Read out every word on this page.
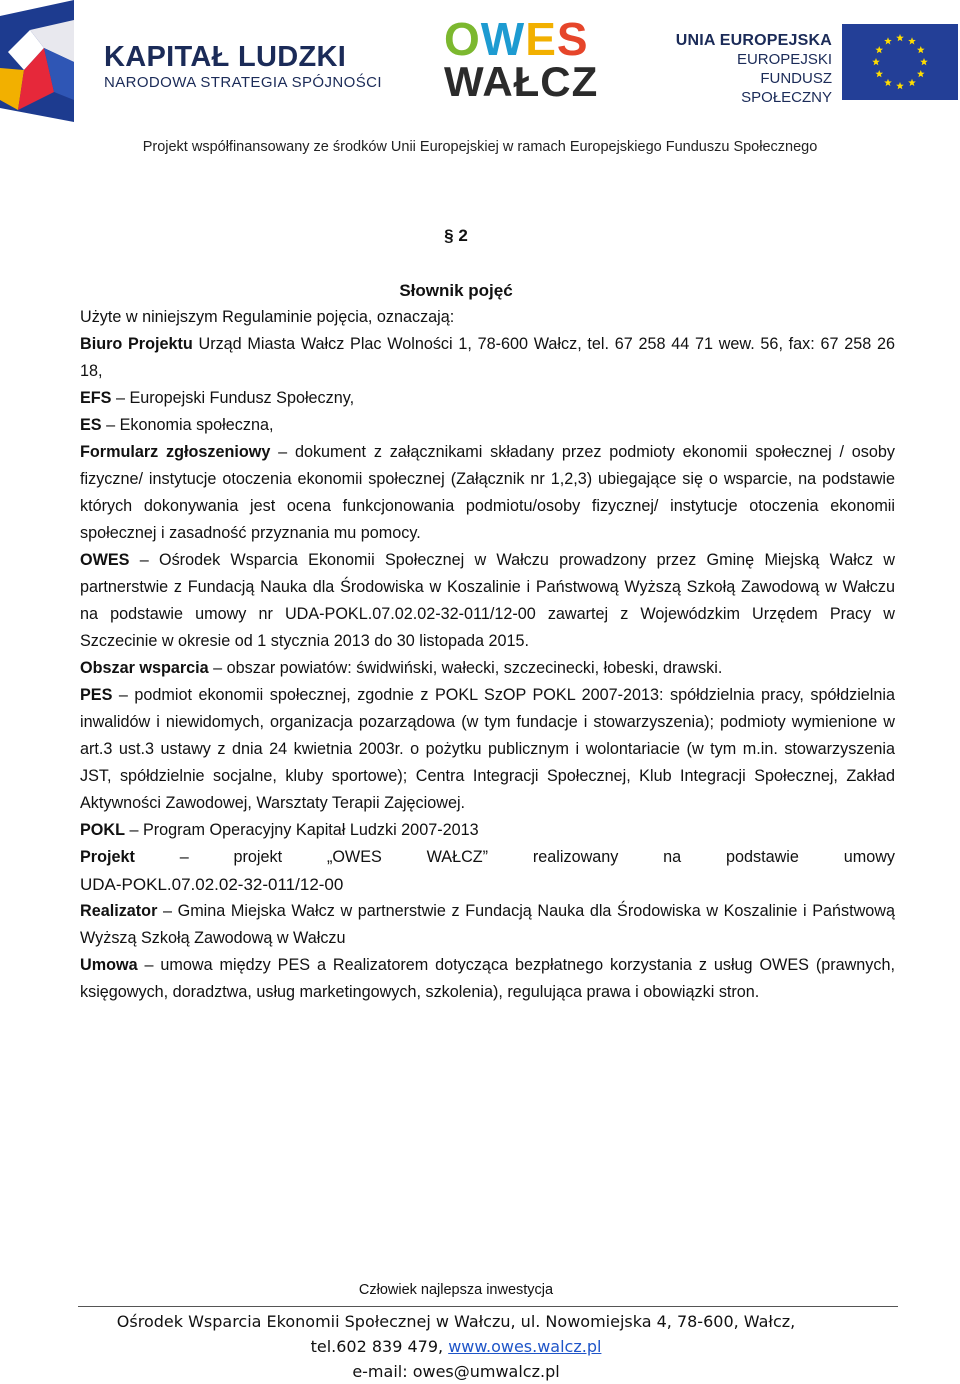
KAPITAŁ LUDZKI
NARODOWA STRATEGIA SPÓJNOŚCI
OWES
WAŁCZ
UNIA EUROPEJSKA
EUROPEJSKI
FUNDUSZ SPOŁECZNY
Projekt współfinansowany ze środków Unii Europejskiej w ramach Europejskiego Funduszu Społecznego
§ 2
Słownik pojęć

Użyte w niniejszym Regulaminie pojęcia, oznaczają:

Biuro Projektu Urząd Miasta Wałcz Plac Wolności 1, 78-600 Wałcz, tel. 67 258 44 71 wew. 56, fax: 67 258 26 18,

EFS – Europejski Fundusz Społeczny,

ES – Ekonomia społeczna,

Formularz zgłoszeniowy – dokument z załącznikami składany przez podmioty ekonomii społecznej / osoby fizyczne/ instytucje otoczenia ekonomii społecznej (Załącznik nr 1,2,3) ubiegające się o wsparcie, na podstawie których dokonywania jest ocena funkcjonowania podmiotu/osoby fizycznej/ instytucje otoczenia ekonomii społecznej i zasadność przyznania mu pomocy.

OWES – Ośrodek Wsparcia Ekonomii Społecznej w Wałczu prowadzony przez Gminę Miejską Wałcz w partnerstwie z Fundacją Nauka dla Środowiska w Koszalinie i Państwową Wyższą Szkołą Zawodową w Wałczu na podstawie umowy nr UDA-POKL.07.02.02-32-011/12-00 zawartej z Wojewódzkim Urzędem Pracy w Szczecinie w okresie od 1 stycznia 2013 do 30 listopada 2015.

Obszar wsparcia – obszar powiatów: świdwiński, wałecki, szczecinecki, łobeski, drawski.

PES – podmiot ekonomii społecznej, zgodnie z POKL SzOP POKL 2007-2013: spółdzielnia pracy, spółdzielnia inwalidów i niewidomych, organizacja pozarządowa (w tym fundacje i stowarzyszenia); podmioty wymienione w art.3 ust.3 ustawy z dnia 24 kwietnia 2003r. o pożytku publicznym i wolontariacie (w tym m.in. stowarzyszenia JST, spółdzielnie socjalne, kluby sportowe); Centra Integracji Społecznej, Klub Integracji Społecznej, Zakład Aktywności Zawodowej, Warsztaty Terapii Zajęciowej.

POKL – Program Operacyjny Kapitał Ludzki 2007-2013

Projekt – projekt „OWES WAŁCZ” realizowany na podstawie umowy

UDA-POKL.07.02.02-32-011/12-00

Realizator – Gmina Miejska Wałcz w partnerstwie z Fundacją Nauka dla Środowiska w Koszalinie i Państwową Wyższą Szkołą Zawodową w Wałczu

Umowa – umowa między PES a Realizatorem dotycząca bezpłatnego korzystania z usług OWES (prawnych, księgowych, doradztwa, usług marketingowych, szkolenia), regulująca prawa i obowiązki stron.

Człowiek najlepsza inwestycja
Ośrodek Wsparcia Ekonomii Społecznej w Wałczu, ul. Nowomiejska 4, 78-600, Wałcz,
tel.602 839 479, www.owes.walcz.pl
e-mail: owes@umwalcz.pl
